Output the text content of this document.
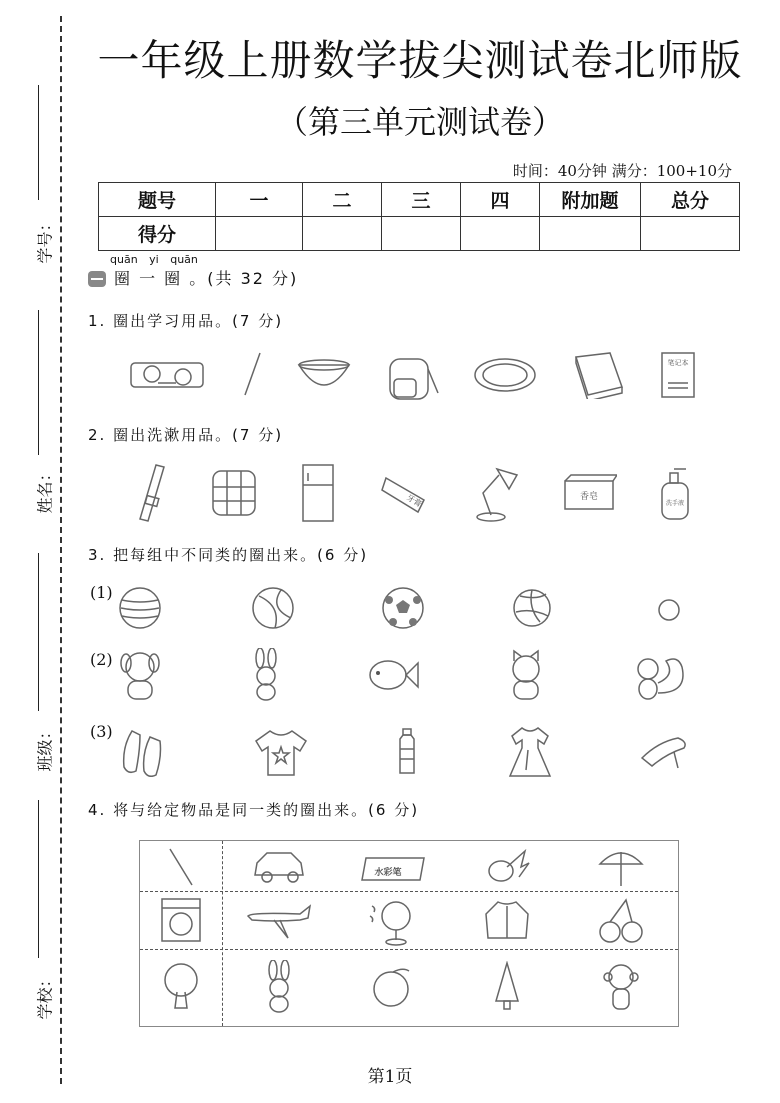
学号：
姓名：
班级：
学校：
一年级上册数学拔尖测试卷北师版
（第三单元测试卷）
时间：40分钟 满分：100+10分
题号	一	二	三	四	附加题	总分
得分						
quān yi quān
圈 一 圈 。(共 32 分)
1. 圈出学习用品。(7 分)
笔记本
2. 圈出洗漱用品。(7 分)
牙膏	香皂
洗手液
3. 把每组中不同类的圈出来。(6 分)
(1)
(2)
(3)
4. 将与给定物品是同一类的圈出来。(6 分)
水彩笔
第1页
